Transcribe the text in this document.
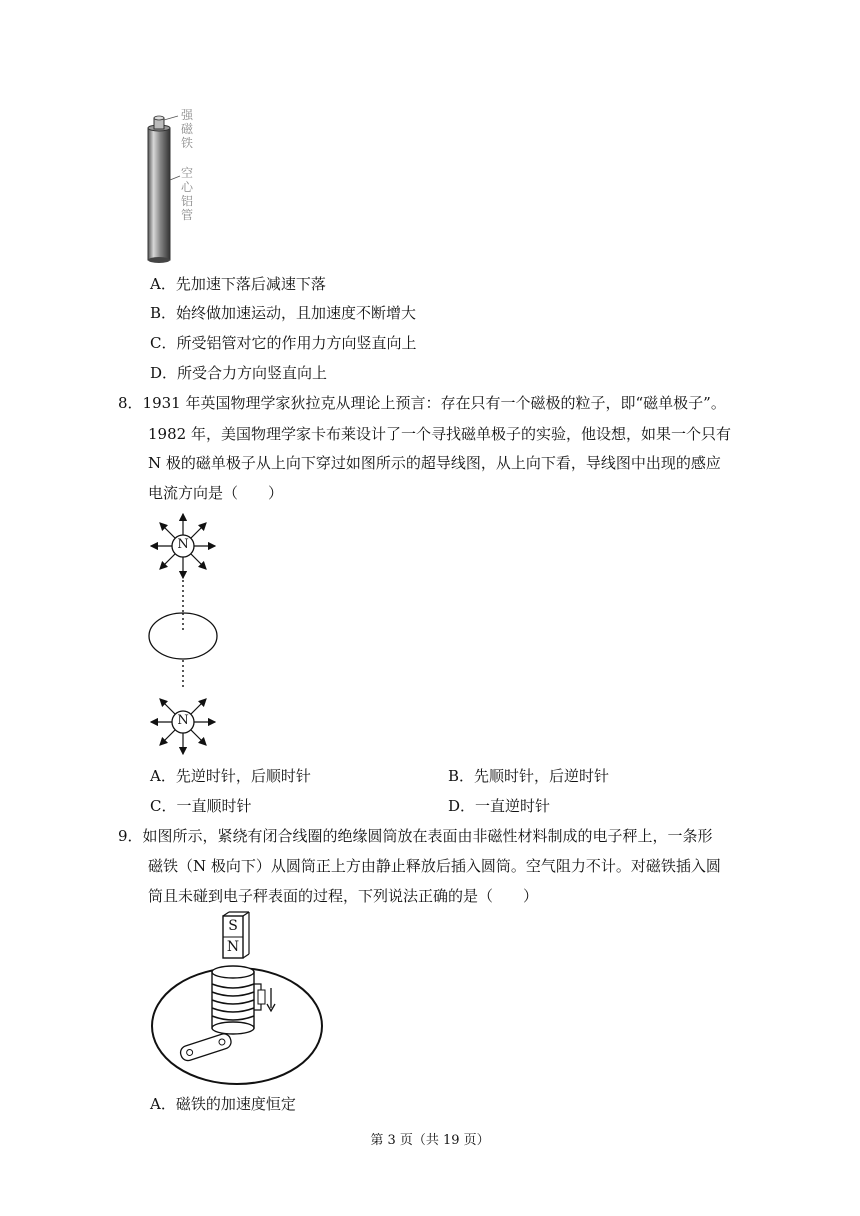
强磁铁
空心铝管
A．先加速下落后减速下落
B．始终做加速运动，且加速度不断增大
C．所受铝管对它的作用力方向竖直向上
D．所受合力方向竖直向上
8．1931 年英国物理学家狄拉克从理论上预言：存在只有一个磁极的粒子，即“磁单极子”。
1982 年，美国物理学家卡布莱设计了一个寻找磁单极子的实验，他设想，如果一个只有
N 极的磁单极子从上向下穿过如图所示的超导线图，从上向下看，导线图中出现的感应
电流方向是（　　）
N
N
A．先逆时针，后顺时针	B．先顺时针，后逆时针
C．一直顺时针	D．一直逆时针
9．如图所示，紧绕有闭合线圈的绝缘圆筒放在表面由非磁性材料制成的电子秤上，一条形
磁铁（N 极向下）从圆筒正上方由静止释放后插入圆筒。空气阻力不计。对磁铁插入圆
筒且未碰到电子秤表面的过程，下列说法正确的是（　　）
S
N
A．磁铁的加速度恒定
第 3 页（共 19 页）
